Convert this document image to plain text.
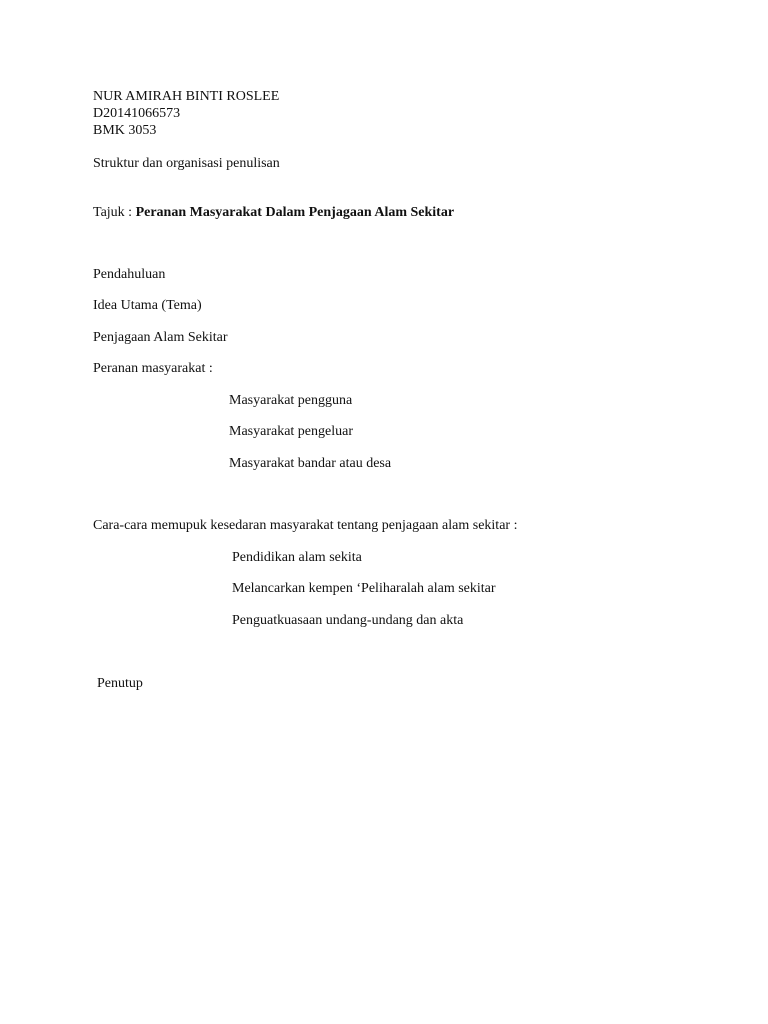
NUR AMIRAH BINTI ROSLEE
D20141066573
BMK 3053
Struktur dan organisasi penulisan
Tajuk : Peranan Masyarakat Dalam Penjagaan Alam Sekitar
Pendahuluan
Idea Utama (Tema)
Penjagaan Alam Sekitar
Peranan masyarakat :
Masyarakat pengguna
Masyarakat pengeluar
Masyarakat bandar atau desa
Cara-cara memupuk kesedaran masyarakat tentang penjagaan alam sekitar :
Pendidikan alam sekita
Melancarkan kempen ‘Peliharalah alam sekitar
Penguatkuasaan undang-undang dan akta
Penutup
